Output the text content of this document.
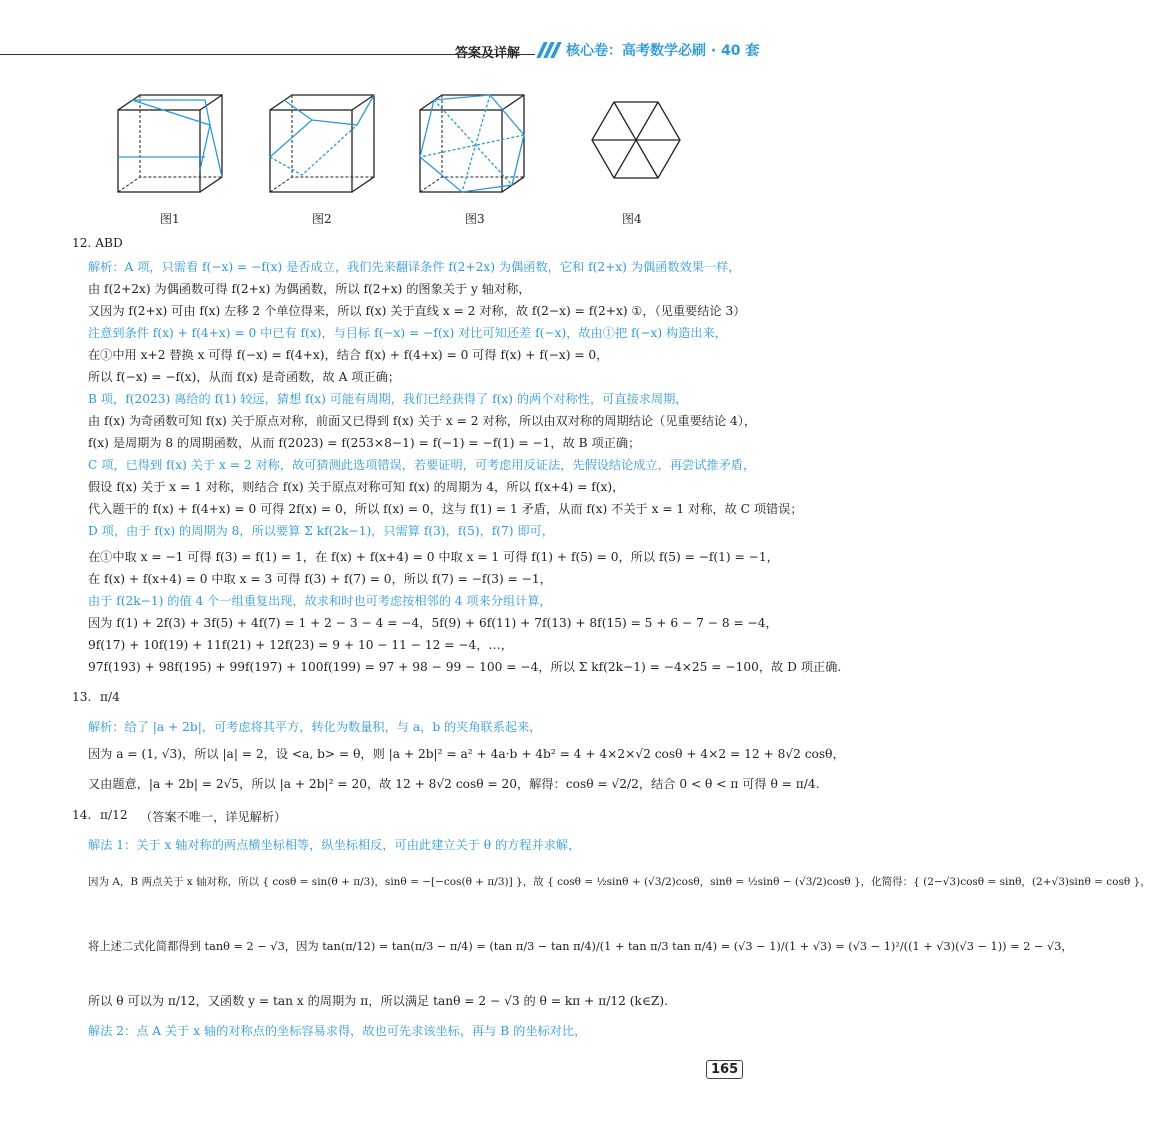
答案及详解	核心卷：高考数学必刷 · 40 套
图1	图2	图3	图4
12. ABD
解析：A 项，只需看 f(−x) = −f(x) 是否成立，我们先来翻译条件 f(2+2x) 为偶函数，它和 f(2+x) 为偶函数效果一样，
由 f(2+2x) 为偶函数可得 f(2+x) 为偶函数，所以 f(2+x) 的图象关于 y 轴对称，
又因为 f(2+x) 可由 f(x) 左移 2 个单位得来，所以 f(x) 关于直线 x = 2 对称，故 f(2−x) = f(2+x) ①，（见重要结论 3）
注意到条件 f(x) + f(4+x) = 0 中已有 f(x)，与目标 f(−x) = −f(x) 对比可知还差 f(−x)，故由①把 f(−x) 构造出来，
在①中用 x+2 替换 x 可得 f(−x) = f(4+x)，结合 f(x) + f(4+x) = 0 可得 f(x) + f(−x) = 0，
所以 f(−x) = −f(x)，从而 f(x) 是奇函数，故 A 项正确；
B 项，f(2023) 离给的 f(1) 较远，猜想 f(x) 可能有周期，我们已经获得了 f(x) 的两个对称性，可直接求周期，
由 f(x) 为奇函数可知 f(x) 关于原点对称，前面又已得到 f(x) 关于 x = 2 对称，所以由双对称的周期结论（见重要结论 4），
f(x) 是周期为 8 的周期函数，从而 f(2023) = f(253×8−1) = f(−1) = −f(1) = −1，故 B 项正确；
C 项，已得到 f(x) 关于 x = 2 对称，故可猜测此选项错误，若要证明，可考虑用反证法，先假设结论成立，再尝试推矛盾，
假设 f(x) 关于 x = 1 对称，则结合 f(x) 关于原点对称可知 f(x) 的周期为 4，所以 f(x+4) = f(x)，
代入题干的 f(x) + f(4+x) = 0 可得 2f(x) = 0，所以 f(x) = 0，这与 f(1) = 1 矛盾，从而 f(x) 不关于 x = 1 对称，故 C 项错误；
D 项，由于 f(x) 的周期为 8，所以要算 Σ kf(2k−1)，只需算 f(3)，f(5)，f(7) 即可，
在①中取 x = −1 可得 f(3) = f(1) = 1，在 f(x) + f(x+4) = 0 中取 x = 1 可得 f(1) + f(5) = 0，所以 f(5) = −f(1) = −1，
在 f(x) + f(x+4) = 0 中取 x = 3 可得 f(3) + f(7) = 0，所以 f(7) = −f(3) = −1，
由于 f(2k−1) 的值 4 个一组重复出现，故求和时也可考虑按相邻的 4 项来分组计算，
因为 f(1) + 2f(3) + 3f(5) + 4f(7) = 1 + 2 − 3 − 4 = −4，5f(9) + 6f(11) + 7f(13) + 8f(15) = 5 + 6 − 7 − 8 = −4，
9f(17) + 10f(19) + 11f(21) + 12f(23) = 9 + 10 − 11 − 12 = −4，…，
97f(193) + 98f(195) + 99f(197) + 100f(199) = 97 + 98 − 99 − 100 = −4，所以 Σ kf(2k−1) = −4×25 = −100，故 D 项正确.
13. π/4
解析：给了 |a + 2b|，可考虑将其平方，转化为数量积，与 a，b 的夹角联系起来，
因为 a = (1, √3)，所以 |a| = 2，设 <a, b> = θ，则 |a + 2b|² = a² + 4a·b + 4b² = 4 + 4×2×√2 cosθ + 4×2 = 12 + 8√2 cosθ，
又由题意，|a + 2b| = 2√5，所以 |a + 2b|² = 20，故 12 + 8√2 cosθ = 20，解得：cosθ = √2/2，结合 0 < θ < π 可得 θ = π/4.
14. π/12 （答案不唯一，详见解析）
解法 1：关于 x 轴对称的两点横坐标相等，纵坐标相反，可由此建立关于 θ 的方程并求解，
因为 A，B 两点关于 x 轴对称，所以 { cosθ = sin(θ + π/3)，sinθ = −[−cos(θ + π/3)] }，故 { cosθ = ½sinθ + (√3/2)cosθ，sinθ = ½sinθ − (√3/2)cosθ }，化简得：{ (2−√3)cosθ = sinθ，(2+√3)sinθ = cosθ }，
将上述二式化简都得到 tanθ = 2 − √3，因为 tan(π/12) = tan(π/3 − π/4) = (tan π/3 − tan π/4)/(1 + tan π/3 tan π/4) = (√3 − 1)/(1 + √3) = (√3 − 1)²/((1 + √3)(√3 − 1)) = 2 − √3，
所以 θ 可以为 π/12，又函数 y = tan x 的周期为 π，所以满足 tanθ = 2 − √3 的 θ = kπ + π/12 (k∈Z).
解法 2：点 A 关于 x 轴的对称点的坐标容易求得，故也可先求该坐标，再与 B 的坐标对比，
165
